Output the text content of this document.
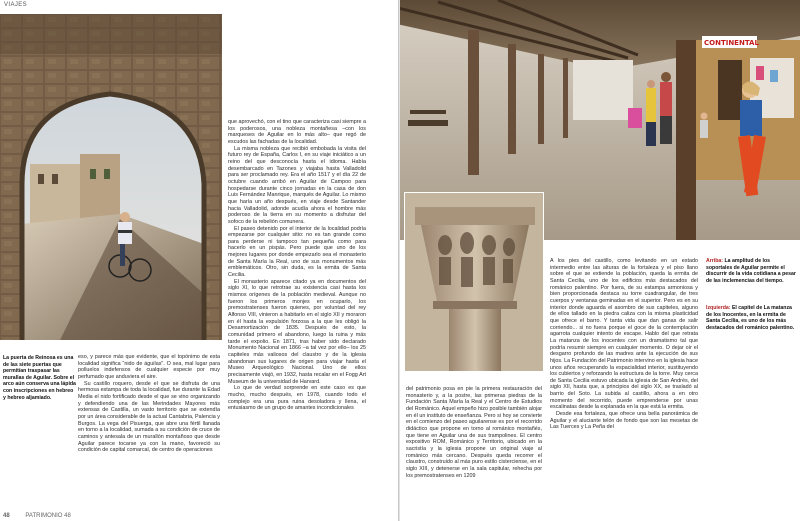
VIAJES
La puerta de Reinosa es una de las siete puertas que permitían traspasar las murallas de Aguilar. Sobre el arco aún conserva una lápida con inscripciones en hebreo y hebreo aljamiado.

eso, y parece más que evidente, que el topónimo de esta localidad significa “nido de águilas”. O sea, mal lugar para polluelos indefensos de cualquier especie por muy perfumado que anduviera el aire.

Su castillo roquero, desde el que se disfruta de una hermosa estampa de toda la localidad, fue durante la Edad Media el nido fortificado desde el que se vino organizando y defendiendo una de las Merindades Mayores más extensas de Castilla, un vasto territorio que se extendía por un área considerable de la actual Cantabria, Palencia y Burgos. La vega del Pisuerga, que abre una fértil llanada en torno a la localidad, sumada a su condición de cruce de caminos y antesala de un murallón montañoso que desde Aguilar parece tocarse ya con la mano, favoreció su condición de capital comarcal, de centro de operaciones

que aprovechó, con el tino que caracteriza casi siempre a los poderosos, una nobleza montañesa –con los marqueses de Aguilar en lo más alto– que regó de escudos las fachadas de la localidad.

La misma nobleza que recibió embobada la visita del futuro rey de España, Carlos I, en su viaje iniciático a un reino del que desconocía hasta el idioma. Había desembarcado en Tazones y viajaba hasta Valladolid para ser proclamado rey. Era el año 1517 y el día 22 de octubre cuando arribó en Aguilar de Campoo para hospedarse durante cinco jornadas en la casa de don Luis Fernández Manrique, marqués de Aguilar. Lo mismo que haría un año después, en viaje desde Santander hacia Valladolid, adonde acudía ahora el hombre más poderoso de la tierra en su momento a disfrutar del sofoco de la rebelión comunera.

El paseo detenido por el interior de la localidad podría empezarse por cualquier sitio: no es tan grande como para perderse ni tampoco tan pequeña como para hacerlo en un pispás. Pero puede que uno de los mejores lugares por donde empezarlo sea el monasterio de Santa María la Real, uno de sus monumentos más emblemáticos. Otro, sin duda, es la ermita de Santa Cecilia.

El monasterio aparece citado ya en documentos del siglo XI, lo que retrotrae su existencia casi hasta los mismos orígenes de la población medieval. Aunque no fueron los primeros monjes en ocuparlo, los premostratenses fueron quienes, por voluntad del rey Alfonso VIII, vinieron a habitarlo en el siglo XII y moraron en él hasta la expulsión forzosa a la que les obligó la Desamortización de 1835. Después de esto, la comunidad primero el abandono, luego la ruina y más tarde el expolio. En 1871, tras haber sido declarado Monumento Nacional en 1866 –a tal vez por ello– los 25 capiteles más valiosos del claustro y de la iglesia abandonan sus lugares de origen para viajar hasta el Museo Arqueológico Nacional. Uno de ellos precisamente viajó, en 1932, hasta recalar en el Fogg Art Museum de la universidad de Harvard.

Lo que de verdad sorprende en este caso es que mucho, mucho después, en 1978, cuando todo el complejo era una pura ruina desoladora y llena, el entusiasmo de un grupo de amantes incondicionales

48	PATRIMONIO 48
CONTINENTAL

del patrimonio posa en pie la primera restauración del monasterio y, a la postre, las primeras piedras de la Fundación Santa María la Real y el Centro de Estudios del Románico. Aquel empeño hizo posible también alojar en él un instituto de enseñanza. Pero si hoy se convierte en el comienzo del paseo aguilarense es por el recorrido didáctico que propone en torno al románico montañés, que tiene en Aguilar una de sus trampolines. El centro expositivo ROM, Románico y Territorio, ubicado en la sacristía y la iglesia propone un original viaje al románico más cercano. Después queda recorrer el claustro, construido al más puro estilo cisterciense, en el siglo XIII, y detenerse en la sala capitular, rehecha por los premostratenses en 1209

A los pies del castillo, como levitando en un estado intermedio entre las alturas de la fortaleza y el piso llano sobre el que se extiende la población, queda la ermita de Santa Cecilia, uno de los edificios más destacados del románico palentino. Por fuera, de su estampa armoniosa y bien proporcionada destaca su torre cuadrangular, de tres cuerpos y ventanas geminadas en el superior. Pero es en su interior donde aguarda el asombro de sus capiteles, alguno de ellos tallado en la piedra caliza con la misma plasticidad que ofrece el barro. Y tanta vida que dan ganas de salir corriendo... si no fuera porque el goce de la contemplación agarrota cualquier intento de escape. Hablo del que retrata La matanza de los inocentes con un dramatismo tal que podría resumir siempre en cualquier momento. O dejar oír el desgarro profundo de las madres ante la ejecución de sus hijos. La Fundación del Patrimonio intervino en la iglesia hace unos años recuperando la espacialidad interior, sustituyendo los cubiertos y reforzando la estructura de la torre. Muy cerca de Santa Cecilia estuvo ubicada la iglesia de San Andrés, del siglo XII, hasta que, a principios del siglo XX, se trasladó al barrio del Soto. La subida al castillo, ahora a en otro momento del recorrido, puede emprenderse por unas escalinatas desde la explanada en la que está la ermita.

Desde esa fortaleza, que ofrece una bella panorámica de Aguilar y el aluciante telón de fondo que son las mesetas de Las Tuerces y La Peña del

Arriba: La amplitud de los soportales de Aguilar permite el discurrir de la vida cotidiana a pesar de las inclemencias del tiempo.
Izquierda: El capitel de La matanza de los Inocentes, en la ermita de Santa Cecilia, es uno de los más destacados del románico palentino.
